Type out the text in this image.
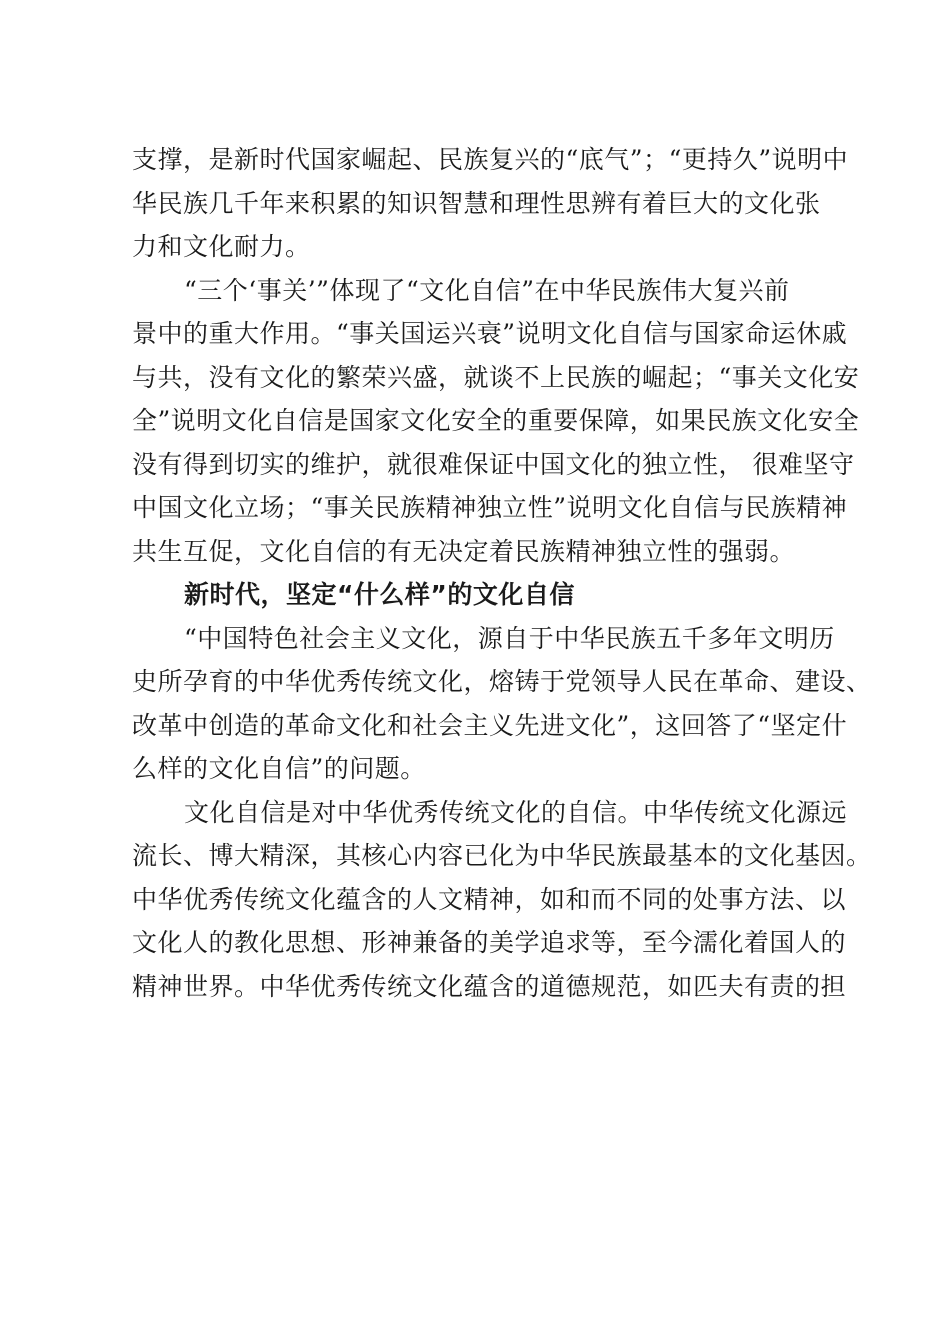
支撑，是新时代国家崛起、民族复兴的“底气”；“更持久”说明中
华民族几千年来积累的知识智慧和理性思辨有着巨大的文化张
力和文化耐力。
“三个‘事关’”体现了“文化自信”在中华民族伟大复兴前
景中的重大作用。“事关国运兴衰”说明文化自信与国家命运休戚
与共，没有文化的繁荣兴盛，就谈不上民族的崛起；“事关文化安
全”说明文化自信是国家文化安全的重要保障，如果民族文化安全
没有得到切实的维护，就很难保证中国文化的独立性， 很难坚守
中国文化立场；“事关民族精神独立性”说明文化自信与民族精神
共生互促，文化自信的有无决定着民族精神独立性的强弱。
新时代，坚定“什么样”的文化自信
“中国特色社会主义文化，源自于中华民族五千多年文明历
史所孕育的中华优秀传统文化，熔铸于党领导人民在革命、建设、
改革中创造的革命文化和社会主义先进文化”，这回答了“坚定什
么样的文化自信”的问题。
文化自信是对中华优秀传统文化的自信。中华传统文化源远
流长、博大精深，其核心内容已化为中华民族最基本的文化基因。
中华优秀传统文化蕴含的人文精神，如和而不同的处事方法、以
文化人的教化思想、形神兼备的美学追求等，至今濡化着国人的
精神世界。中华优秀传统文化蕴含的道德规范，如匹夫有责的担
